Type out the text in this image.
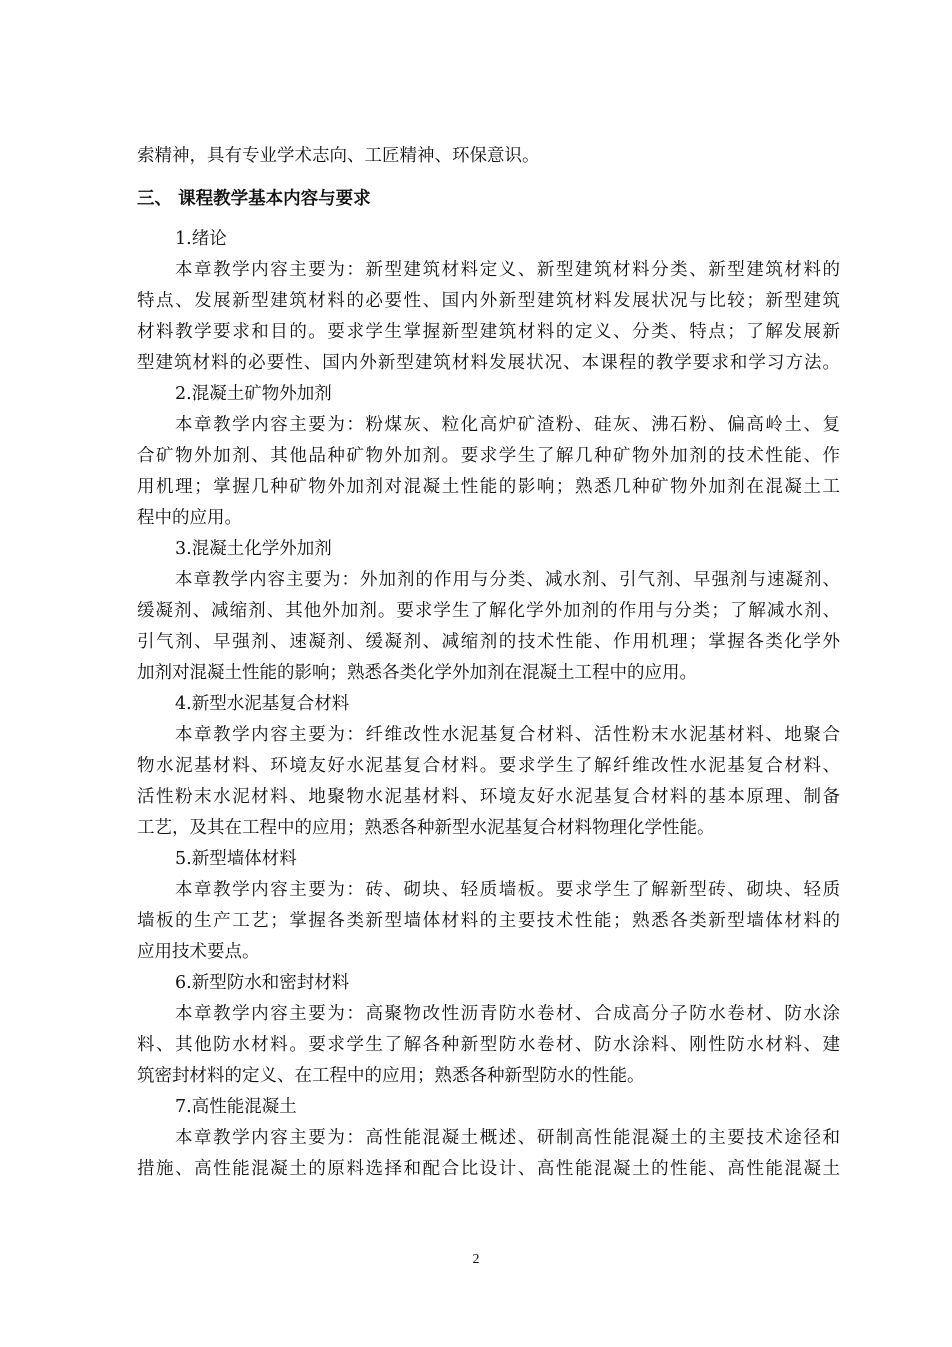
索精神，具有专业学术志向、工匠精神、环保意识。
三、 课程教学基本内容与要求
1.绪论
本章教学内容主要为：新型建筑材料定义、新型建筑材料分类、新型建筑材料的
特点、发展新型建筑材料的必要性、国内外新型建筑材料发展状况与比较；新型建筑
材料教学要求和目的。要求学生掌握新型建筑材料的定义、分类、特点；了解发展新
型建筑材料的必要性、国内外新型建筑材料发展状况、本课程的教学要求和学习方法。
2.混凝土矿物外加剂
本章教学内容主要为：粉煤灰、粒化高炉矿渣粉、硅灰、沸石粉、偏高岭土、复
合矿物外加剂、其他品种矿物外加剂。要求学生了解几种矿物外加剂的技术性能、作
用机理；掌握几种矿物外加剂对混凝土性能的影响；熟悉几种矿物外加剂在混凝土工
程中的应用。
3.混凝土化学外加剂
本章教学内容主要为：外加剂的作用与分类、减水剂、引气剂、早强剂与速凝剂、
缓凝剂、减缩剂、其他外加剂。要求学生了解化学外加剂的作用与分类；了解减水剂、
引气剂、早强剂、速凝剂、缓凝剂、减缩剂的技术性能、作用机理；掌握各类化学外
加剂对混凝土性能的影响；熟悉各类化学外加剂在混凝土工程中的应用。
4.新型水泥基复合材料
本章教学内容主要为：纤维改性水泥基复合材料、活性粉末水泥基材料、地聚合
物水泥基材料、环境友好水泥基复合材料。要求学生了解纤维改性水泥基复合材料、
活性粉末水泥材料、地聚物水泥基材料、环境友好水泥基复合材料的基本原理、制备
工艺，及其在工程中的应用；熟悉各种新型水泥基复合材料物理化学性能。
5.新型墙体材料
本章教学内容主要为：砖、砌块、轻质墙板。要求学生了解新型砖、砌块、轻质
墙板的生产工艺；掌握各类新型墙体材料的主要技术性能；熟悉各类新型墙体材料的
应用技术要点。
6.新型防水和密封材料
本章教学内容主要为：高聚物改性沥青防水卷材、合成高分子防水卷材、防水涂
料、其他防水材料。要求学生了解各种新型防水卷材、防水涂料、刚性防水材料、建
筑密封材料的定义、在工程中的应用；熟悉各种新型防水的性能。
7.高性能混凝土
本章教学内容主要为：高性能混凝土概述、研制高性能混凝土的主要技术途径和
措施、高性能混凝土的原料选择和配合比设计、高性能混凝土的性能、高性能混凝土
2
